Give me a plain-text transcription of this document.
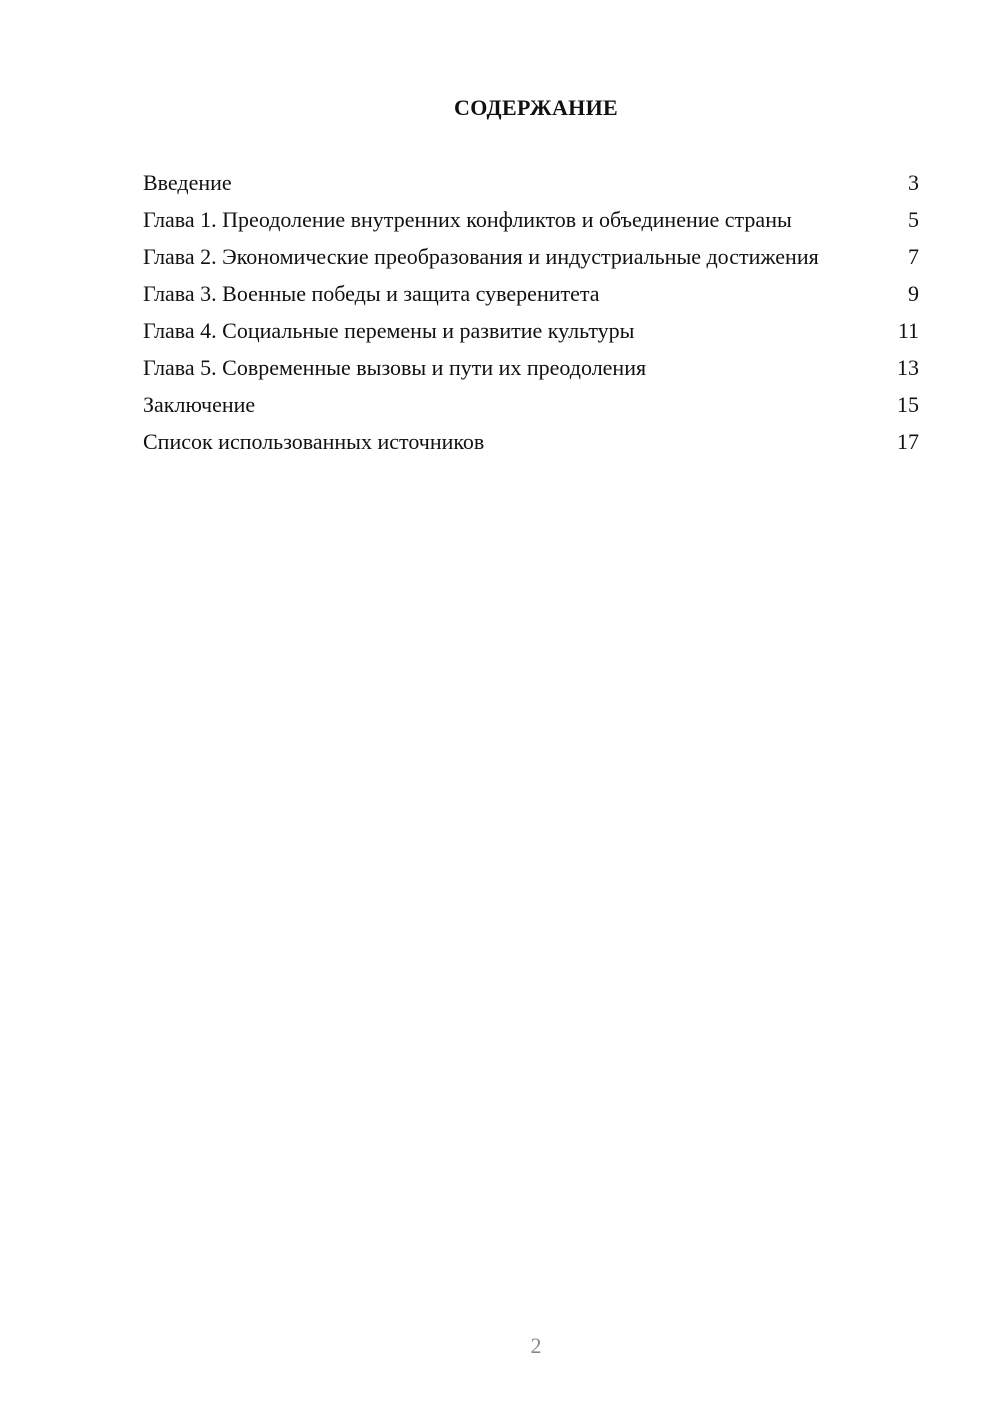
СОДЕРЖАНИЕ
Введение	3
Глава 1. Преодоление внутренних конфликтов и объединение страны	5
Глава 2. Экономические преобразования и индустриальные достижения	7
Глава 3. Военные победы и защита суверенитета	9
Глава 4. Социальные перемены и развитие культуры	11
Глава 5. Современные вызовы и пути их преодоления	13
Заключение	15
Список использованных источников	17
2
